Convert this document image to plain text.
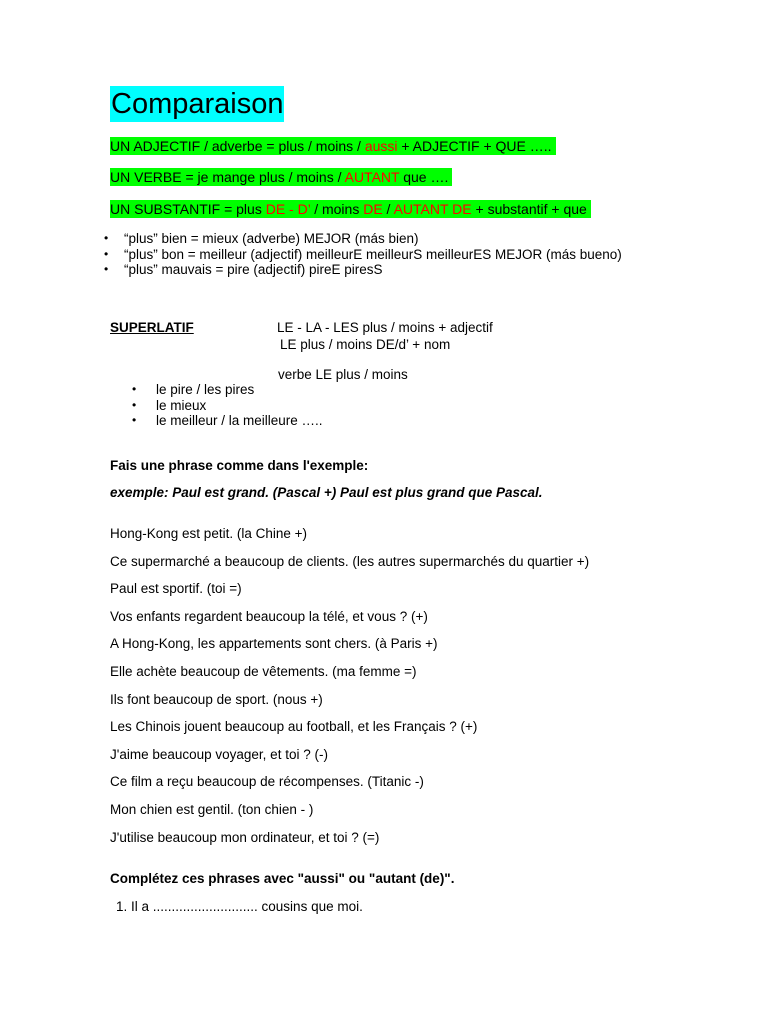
Comparaison
UN ADJECTIF / adverbe = plus / moins / aussi + ADJECTIF + QUE …..
UN VERBE = je mange plus / moins / AUTANT que ….
UN SUBSTANTIF = plus DE - D’ / moins DE / AUTANT DE + substantif + que
• “plus” bien = mieux (adverbe) MEJOR (más bien)
• “plus” bon = meilleur (adjectif) meilleurE meilleurS meilleurES MEJOR (más bueno)
• “plus” mauvais = pire (adjectif) pireE piresS
SUPERLATIF	LE - LA - LES plus / moins + adjectif
LE plus / moins DE/d’ + nom
verbe LE plus / moins
• le pire / les pires
• le mieux
• le meilleur / la meilleure …..
Fais une phrase comme dans l'exemple:
exemple: Paul est grand. (Pascal +) Paul est plus grand que Pascal.
Hong-Kong est petit. (la Chine +)
Ce supermarché a beaucoup de clients. (les autres supermarchés du quartier +)
Paul est sportif. (toi =)
Vos enfants regardent beaucoup la télé, et vous ? (+)
A Hong-Kong, les appartements sont chers. (à Paris +)
Elle achète beaucoup de vêtements. (ma femme =)
Ils font beaucoup de sport. (nous +)
Les Chinois jouent beaucoup au football, et les Français ? (+)
J'aime beaucoup voyager, et toi ? (-)
Ce film a reçu beaucoup de récompenses. (Titanic -)
Mon chien est gentil. (ton chien - )
J'utilise beaucoup mon ordinateur, et toi ? (=)
Complétez ces phrases avec "aussi" ou "autant (de)".
1. Il a ............................ cousins que moi.
